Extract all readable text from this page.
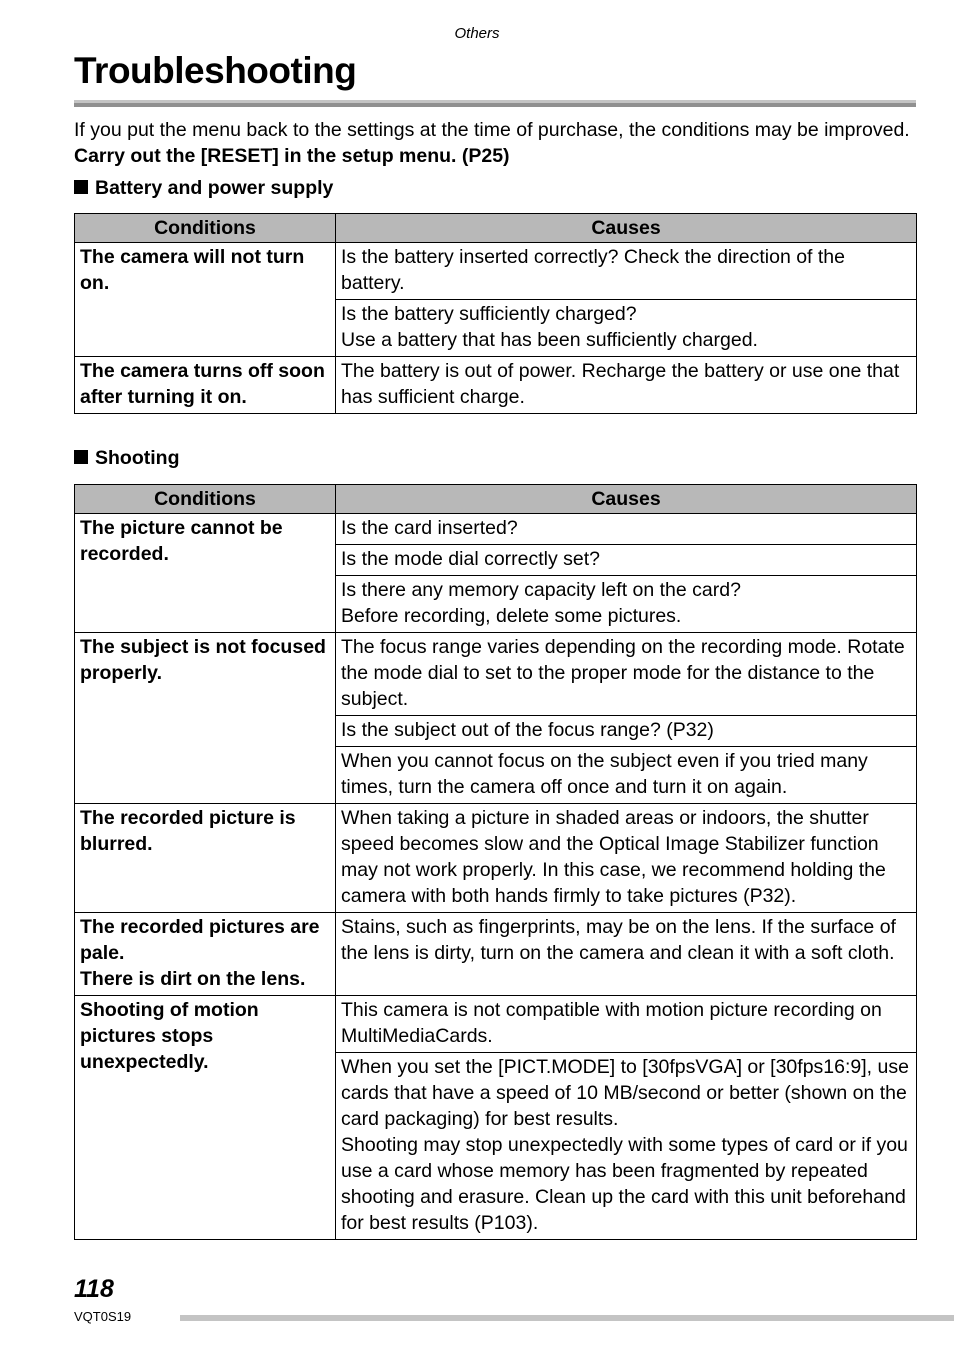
Others
Troubleshooting
If you put the menu back to the settings at the time of purchase, the conditions may be improved. Carry out the [RESET] in the setup menu. (P25)
Battery and power supply
Conditions	Causes
The camera will not turn on.	Is the battery inserted correctly? Check the direction of the battery.
	Is the battery sufficiently charged?
Use a battery that has been sufficiently charged.
The camera turns off soon after turning it on.	The battery is out of power. Recharge the battery or use one that has sufficient charge.
Shooting
Conditions	Causes
The picture cannot be recorded.	Is the card inserted?
	Is the mode dial correctly set?
	Is there any memory capacity left on the card?
Before recording, delete some pictures.
The subject is not focused properly.	The focus range varies depending on the recording mode. Rotate the mode dial to set to the proper mode for the distance to the subject.
	Is the subject out of the focus range? (P32)
	When you cannot focus on the subject even if you tried many times, turn the camera off once and turn it on again.
The recorded picture is blurred.	When taking a picture in shaded areas or indoors, the shutter speed becomes slow and the Optical Image Stabilizer function may not work properly. In this case, we recommend holding the camera with both hands firmly to take pictures (P32).
The recorded pictures are pale.
There is dirt on the lens.	Stains, such as fingerprints, may be on the lens. If the surface of the lens is dirty, turn on the camera and clean it with a soft cloth.
Shooting of motion pictures stops unexpectedly.	This camera is not compatible with motion picture recording on MultiMediaCards.
	When you set the [PICT.MODE] to [30fpsVGA] or [30fps16:9], use cards that have a speed of 10 MB/second or better (shown on the card packaging) for best results.
Shooting may stop unexpectedly with some types of card or if you use a card whose memory has been fragmented by repeated shooting and erasure. Clean up the card with this unit beforehand for best results (P103).
118
VQT0S19
